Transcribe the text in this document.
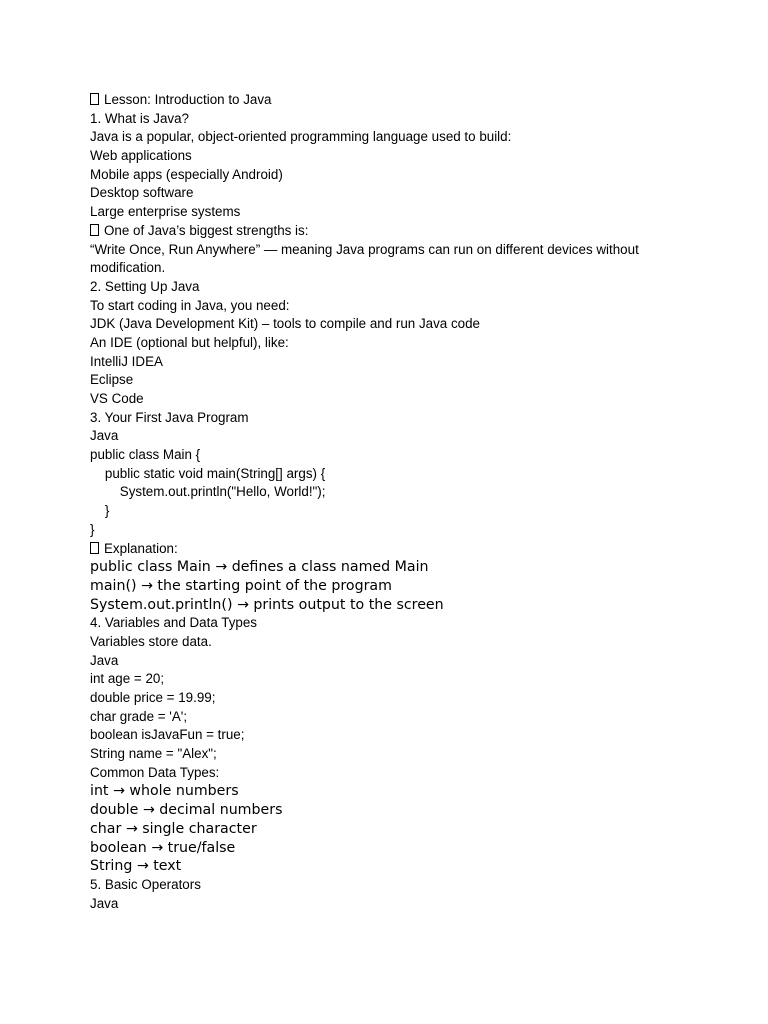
Lesson: Introduction to Java
1. What is Java?
Java is a popular, object-oriented programming language used to build:
Web applications
Mobile apps (especially Android)
Desktop software
Large enterprise systems
One of Java’s biggest strengths is:
“Write Once, Run Anywhere” — meaning Java programs can run on different devices without modification.
2. Setting Up Java
To start coding in Java, you need:
JDK (Java Development Kit) – tools to compile and run Java code
An IDE (optional but helpful), like:
IntelliJ IDEA
Eclipse
VS Code
3. Your First Java Program
Java
public class Main {
public static void main(String[] args) {
System.out.println("Hello, World!");
}
}
Explanation:
public class Main → defines a class named Main
main() → the starting point of the program
System.out.println() → prints output to the screen
4. Variables and Data Types
Variables store data.
Java
int age = 20;
double price = 19.99;
char grade = 'A';
boolean isJavaFun = true;
String name = "Alex";
Common Data Types:
int → whole numbers
double → decimal numbers
char → single character
boolean → true/false
String → text
5. Basic Operators
Java
